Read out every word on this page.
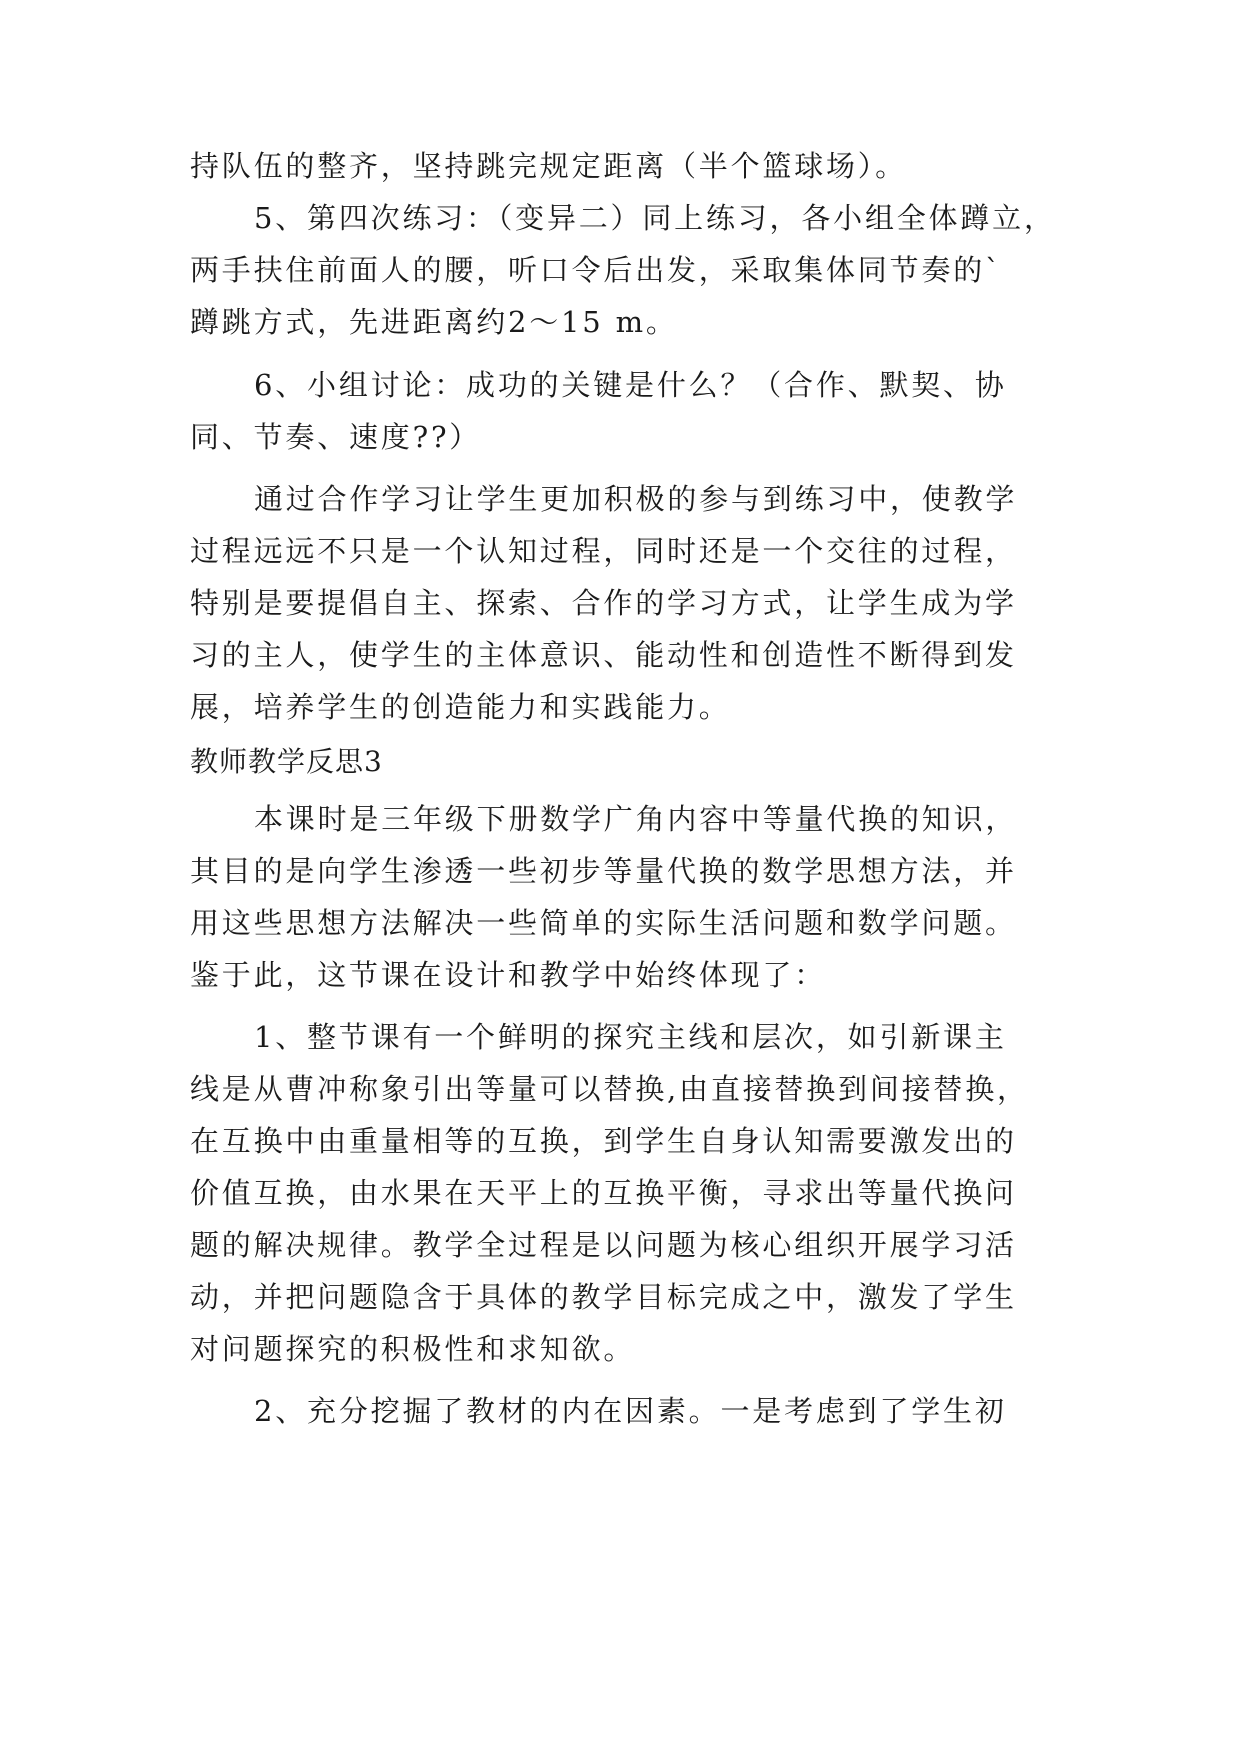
持队伍的整齐，坚持跳完规定距离（半个篮球场）。

5、第四次练习：（变异二）同上练习，各小组全体蹲立，

两手扶住前面人的腰，听口令后出发，采取集体同节奏的`

蹲跳方式，先进距离约2～15 m。

6、小组讨论：成功的关键是什么？（合作、默契、协

同、节奏、速度??）

通过合作学习让学生更加积极的参与到练习中，使教学

过程远远不只是一个认知过程，同时还是一个交往的过程，

特别是要提倡自主、探索、合作的学习方式，让学生成为学

习的主人，使学生的主体意识、能动性和创造性不断得到发

展，培养学生的创造能力和实践能力。

教师教学反思3

本课时是三年级下册数学广角内容中等量代换的知识，

其目的是向学生渗透一些初步等量代换的数学思想方法，并

用这些思想方法解决一些简单的实际生活问题和数学问题。

鉴于此，这节课在设计和教学中始终体现了：

1、整节课有一个鲜明的探究主线和层次，如引新课主

线是从曹冲称象引出等量可以替换,由直接替换到间接替换，

在互换中由重量相等的互换，到学生自身认知需要激发出的

价值互换，由水果在天平上的互换平衡，寻求出等量代换问

题的解决规律。教学全过程是以问题为核心组织开展学习活

动，并把问题隐含于具体的教学目标完成之中，激发了学生

对问题探究的积极性和求知欲。

2、充分挖掘了教材的内在因素。一是考虑到了学生初
